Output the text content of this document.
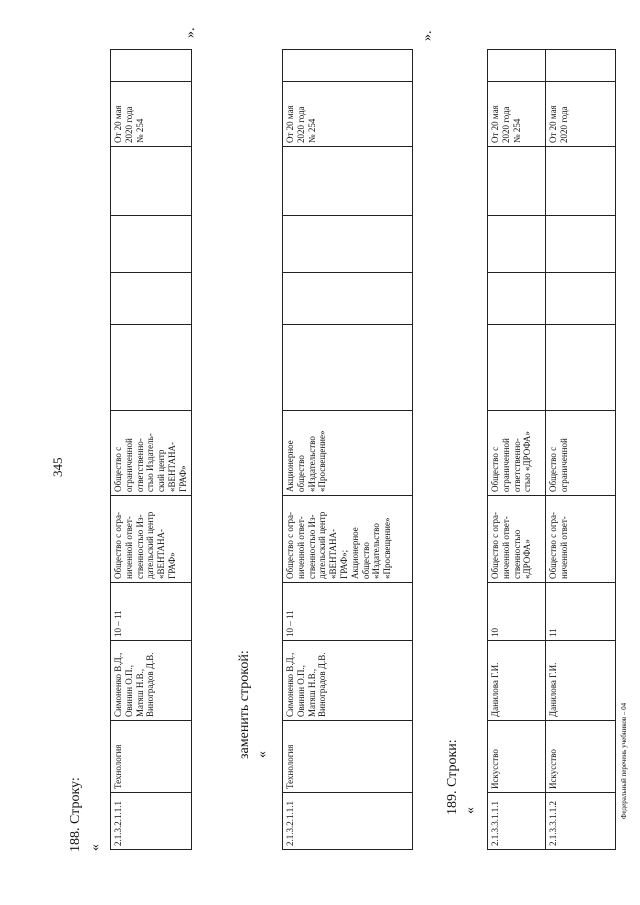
345
188. Строку: «
2.1.3.2.1.1.1	Технология	Симоненко В.Д.,
Овинин О.П.,
Матяш Н.В.,
Виноградов Д.В.	10 – 11	Общество с огра-
ниченной ответ-
ственностью Из-
дательский центр
«ВЕНТАНА-
ГРАФ»	Общество с
ограниченной
ответственно-
стью Издатель-
ский центр
«ВЕНТАНА-
ГРАФ»					От 20 мая
2020 года
№ 254	
».
заменить строкой: «
2.1.3.2.1.1.1	Технология	Симоненко В.Д.,
Овинин О.П.,
Матяш Н.В.,
Виноградов Д.В.	10 – 11	Общество с огра-
ниченной ответ-
ственностью Из-
дательский центр
«ВЕНТАНА-
ГРАФ»;
Акционерное
общество
«Издательство
«Просвещение»	Акционерное
общество
«Издательство
«Просвещение»					От 20 мая
2020 года
№ 254	
».
189. Строки: « 2.1.3.3.1.1.1	Искусство	Данилова Г.И.	10	Общество с огра-
ниченной ответ-
ственностью
«ДРОФА»	Общество с
ограниченной
ответственно-
стью «ДРОФА»					От 20 мая
2020 года
№ 254	
2.1.3.3.1.1.2	Искусство	Данилова Г.И.	11	Общество с огра-
ниченной ответ-	Общество с
ограниченной					От 20 мая
2020 года	
Федеральный перечень учебников – 04
